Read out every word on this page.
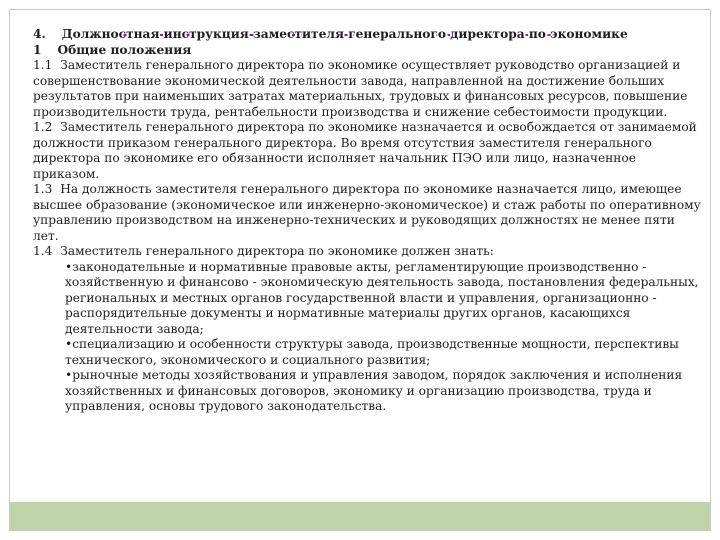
4. Должностная инструкция заместителя генерального директора по экономике
1 Общие положения

1.1 Заместитель генерального директора по экономике осуществляет руководство организацией и совершенствование экономической деятельности завода, направленной на достижение больших результатов при наименьших затратах материальных, трудовых и финансовых ресурсов, повышение производительности труда, рентабельности производства и снижение себестоимости продукции.

1.2 Заместитель генерального директора по экономике назначается и освобождается от занимаемой должности приказом генерального директора. Во время отсутствия заместителя генерального директора по экономике его обязанности исполняет начальник ПЭО или лицо, назначенное приказом.

1.3 На должность заместителя генерального директора по экономике назначается лицо, имеющее высшее образование (экономическое или инженерно-экономическое) и стаж работы по оперативному управлению производством на инженерно-технических и руководящих должностях не менее пяти лет.

1.4 Заместитель генерального директора по экономике должен знать:

•законодательные и нормативные правовые акты, регламентирующие производственно - хозяйственную и финансово - экономическую деятельность завода, постановления федеральных, региональных и местных органов государственной власти и управления, организационно - распорядительные документы и нормативные материалы других органов, касающихся деятельности завода;

•специализацию и особенности структуры завода, производственные мощности, перспективы технического, экономического и социального развития;

•рыночные методы хозяйствования и управления заводом, порядок заключения и исполнения хозяйственных и финансовых договоров, экономику и организацию производства, труда и управления, основы трудового законодательства.
